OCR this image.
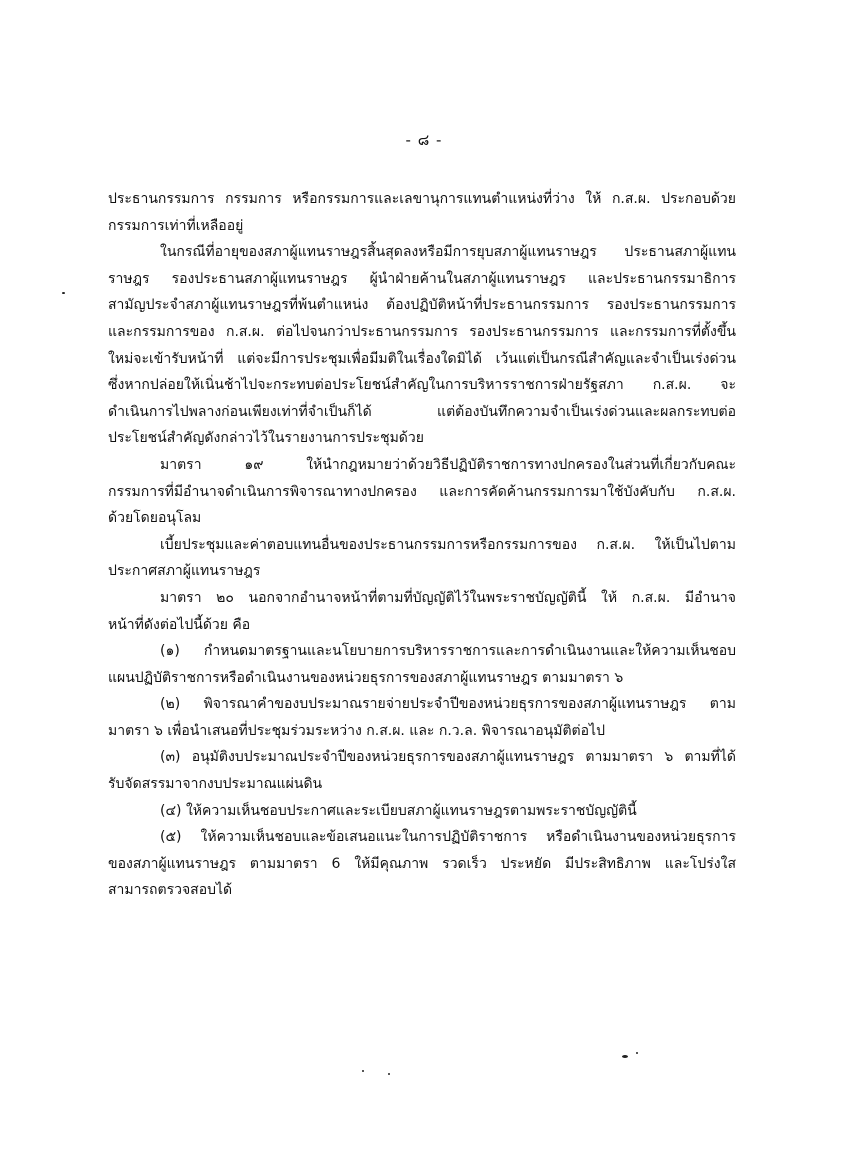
- ๘ -
ประธานกรรมการ กรรมการ หรือกรรมการและเลขานุการแทนตำแหน่งที่ว่าง ให้ ก.ส.ผ. ประกอบด้วย
กรรมการเท่าที่เหลืออยู่
ในกรณีที่อายุของสภาผู้แทนราษฎรสิ้นสุดลงหรือมีการยุบสภาผู้แทนราษฎร ประธานสภาผู้แทน
ราษฎร รองประธานสภาผู้แทนราษฎร ผู้นำฝ่ายค้านในสภาผู้แทนราษฎร และประธานกรรมาธิการ
สามัญประจำสภาผู้แทนราษฎรที่พ้นตำแหน่ง ต้องปฏิบัติหน้าที่ประธานกรรมการ รองประธานกรรมการ
และกรรมการของ ก.ส.ผ. ต่อไปจนกว่าประธานกรรมการ รองประธานกรรมการ และกรรมการที่ตั้งขึ้น
ใหม่จะเข้ารับหน้าที่ แต่จะมีการประชุมเพื่อมีมติในเรื่องใดมิได้ เว้นแต่เป็นกรณีสำคัญและจำเป็นเร่งด่วน
ซึ่งหากปล่อยให้เนิ่นช้าไปจะกระทบต่อประโยชน์สำคัญในการบริหารราชการฝ่ายรัฐสภา ก.ส.ผ. จะ
ดำเนินการไปพลางก่อนเพียงเท่าที่จำเป็นก็ได้ แต่ต้องบันทึกความจำเป็นเร่งด่วนและผลกระทบต่อ
ประโยชน์สำคัญดังกล่าวไว้ในรายงานการประชุมด้วย
มาตรา ๑๙ ให้นำกฎหมายว่าด้วยวิธีปฏิบัติราชการทางปกครองในส่วนที่เกี่ยวกับคณะ
กรรมการที่มีอำนาจดำเนินการพิจารณาทางปกครอง และการคัดค้านกรรมการมาใช้บังคับกับ ก.ส.ผ.
ด้วยโดยอนุโลม
เบี้ยประชุมและค่าตอบแทนอื่นของประธานกรรมการหรือกรรมการของ ก.ส.ผ. ให้เป็นไปตาม
ประกาศสภาผู้แทนราษฎร
มาตรา ๒๐ นอกจากอำนาจหน้าที่ตามที่บัญญัติไว้ในพระราชบัญญัตินี้ ให้ ก.ส.ผ. มีอำนาจ
หน้าที่ดังต่อไปนี้ด้วย คือ
(๑) กำหนดมาตรฐานและนโยบายการบริหารราชการและการดำเนินงานและให้ความเห็นชอบ
แผนปฏิบัติราชการหรือดำเนินงานของหน่วยธุรการของสภาผู้แทนราษฎร ตามมาตรา ๖
(๒) พิจารณาคำของบประมาณรายจ่ายประจำปีของหน่วยธุรการของสภาผู้แทนราษฎร ตาม
มาตรา ๖ เพื่อนำเสนอที่ประชุมร่วมระหว่าง ก.ส.ผ. และ ก.ว.ล. พิจารณาอนุมัติต่อไป
(๓) อนุมัติงบประมาณประจำปีของหน่วยธุรการของสภาผู้แทนราษฎร ตามมาตรา ๖ ตามที่ได้
รับจัดสรรมาจากงบประมาณแผ่นดิน
(๔) ให้ความเห็นชอบประกาศและระเบียบสภาผู้แทนราษฎรตามพระราชบัญญัตินี้
(๕) ให้ความเห็นชอบและข้อเสนอแนะในการปฏิบัติราชการ หรือดำเนินงานของหน่วยธุรการ
ของสภาผู้แทนราษฎร ตามมาตรา 6 ให้มีคุณภาพ รวดเร็ว ประหยัด มีประสิทธิภาพ และโปร่งใส
สามารถตรวจสอบได้
